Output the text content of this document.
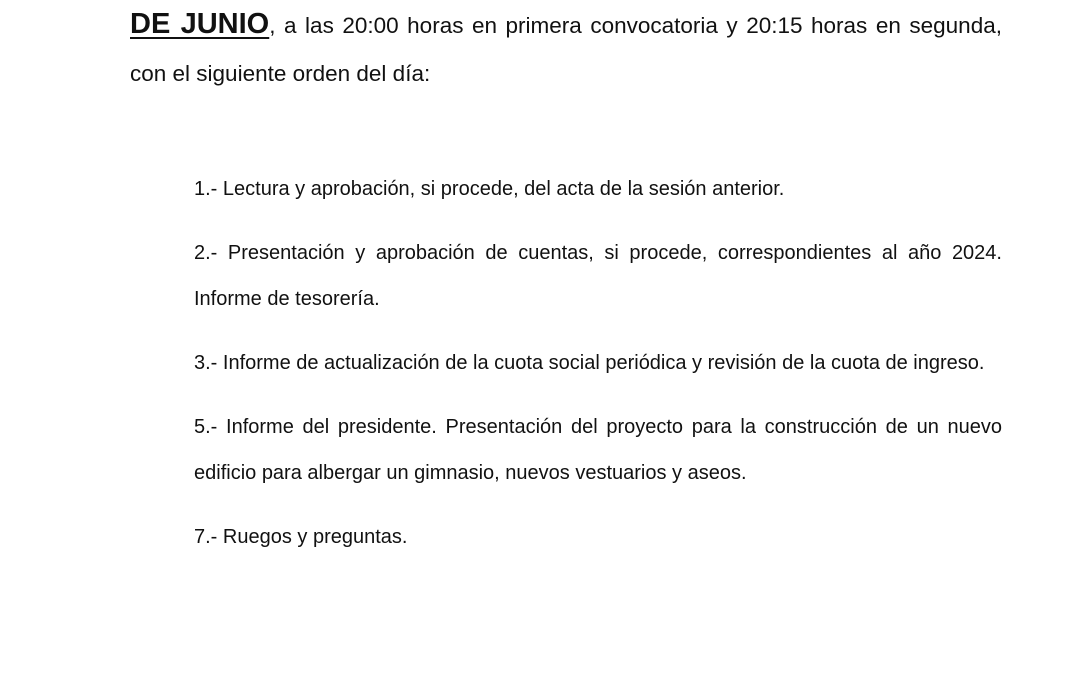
DE JUNIO, a las 20:00 horas en primera convocatoria y 20:15 horas en segunda, con el siguiente orden del día:

1.- Lectura y aprobación, si procede, del acta de la sesión anterior.
2.- Presentación y aprobación de cuentas, si procede, correspondientes al año 2024. Informe de tesorería.
3.- Informe de actualización de la cuota social periódica y revisión de la cuota de ingreso.
5.- Informe del presidente. Presentación del proyecto para la construcción de un nuevo edificio para albergar un gimnasio, nuevos vestuarios y aseos.
7.- Ruegos y preguntas.
